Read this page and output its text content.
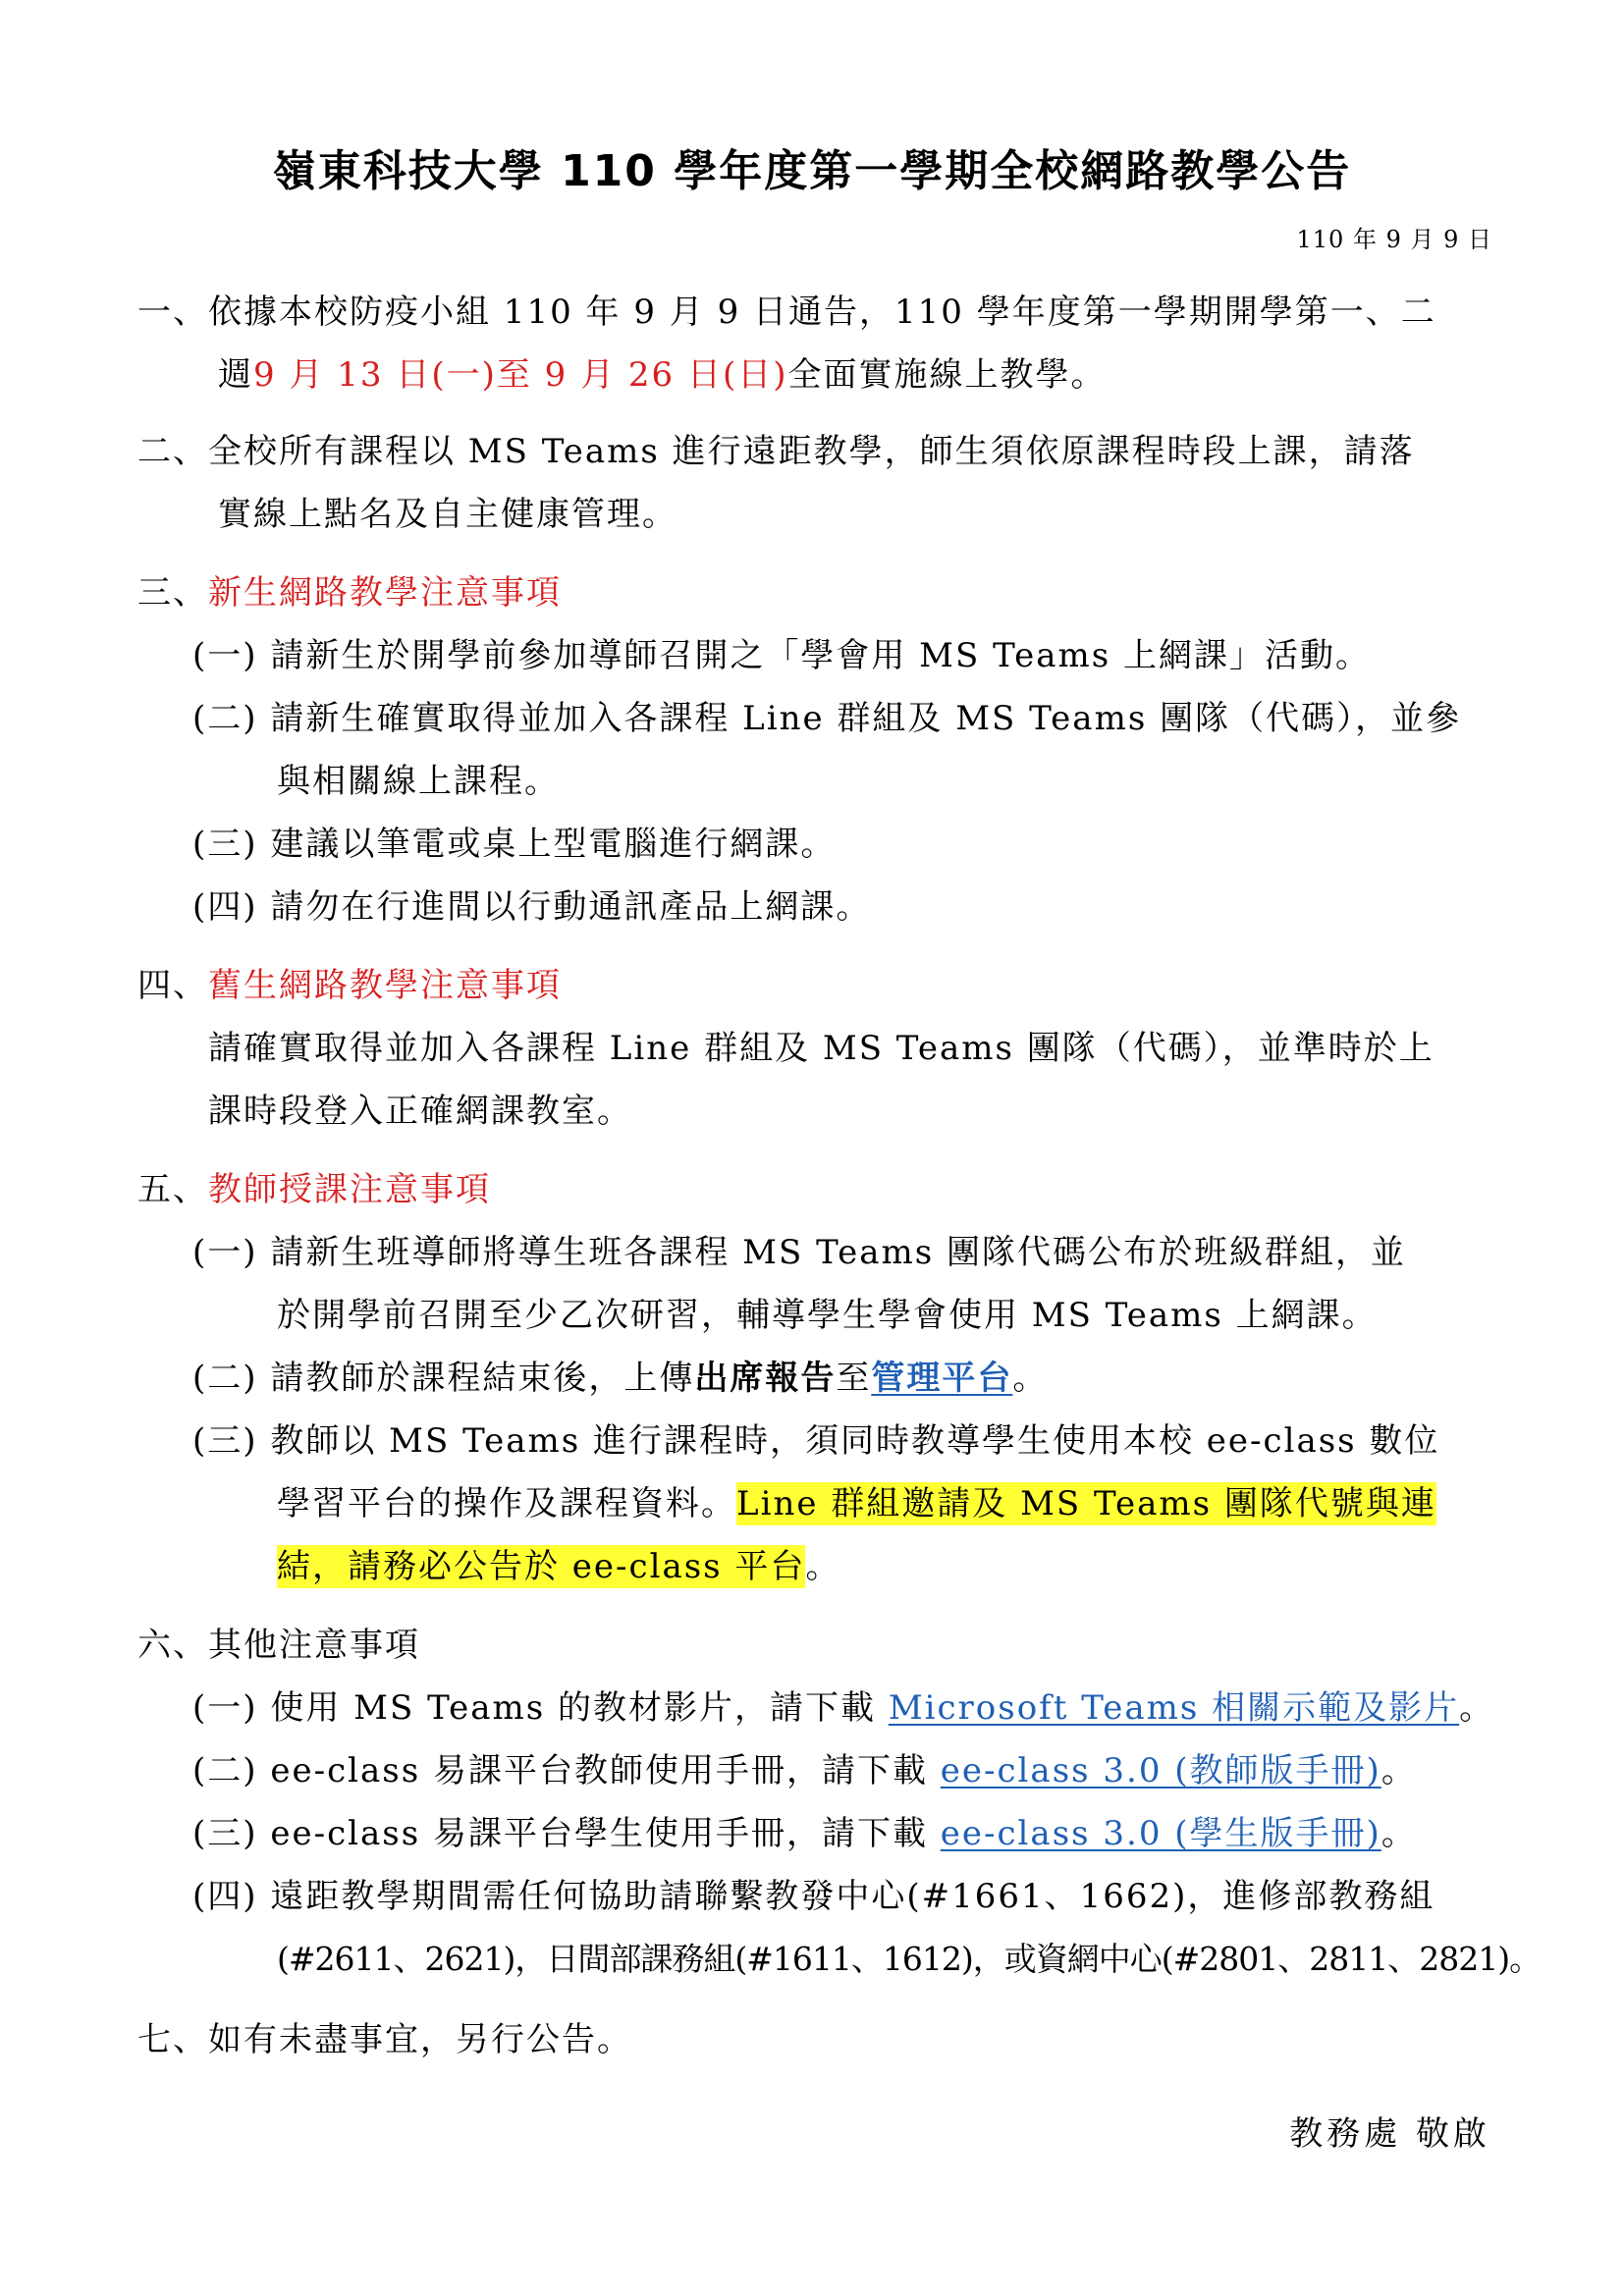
嶺東科技大學 110 學年度第一學期全校網路教學公告
110 年 9 月 9 日
一、依據本校防疫小組 110 年 9 月 9 日通告，110 學年度第一學期開學第一、二
週9 月 13 日(一)至 9 月 26 日(日)全面實施線上教學。
二、全校所有課程以 MS Teams 進行遠距教學，師生須依原課程時段上課，請落
實線上點名及自主健康管理。
三、新生網路教學注意事項
(一) 請新生於開學前參加導師召開之「學會用 MS Teams 上網課」活動。
(二) 請新生確實取得並加入各課程 Line 群組及 MS Teams 團隊（代碼），並參
與相關線上課程。
(三) 建議以筆電或桌上型電腦進行網課。
(四) 請勿在行進間以行動通訊產品上網課。
四、舊生網路教學注意事項
請確實取得並加入各課程 Line 群組及 MS Teams 團隊（代碼），並準時於上
課時段登入正確網課教室。
五、教師授課注意事項
(一) 請新生班導師將導生班各課程 MS Teams 團隊代碼公布於班級群組，並
於開學前召開至少乙次研習，輔導學生學會使用 MS Teams 上網課。
(二) 請教師於課程結束後，上傳出席報告至管理平台。
(三) 教師以 MS Teams 進行課程時，須同時教導學生使用本校 ee-class 數位
學習平台的操作及課程資料。Line 群組邀請及 MS Teams 團隊代號與連
結，請務必公告於 ee-class 平台。
六、其他注意事項
(一) 使用 MS Teams 的教材影片，請下載 Microsoft Teams 相關示範及影片。
(二) ee-class 易課平台教師使用手冊，請下載 ee-class 3.0 (教師版手冊)。
(三) ee-class 易課平台學生使用手冊，請下載 ee-class 3.0 (學生版手冊)。
(四) 遠距教學期間需任何協助請聯繫教發中心(#1661、1662)，進修部教務組
(#2611、2621)，日間部課務組(#1611、1612)，或資網中心(#2801、2811、2821)。
七、如有未盡事宜，另行公告。
教務處 敬啟
